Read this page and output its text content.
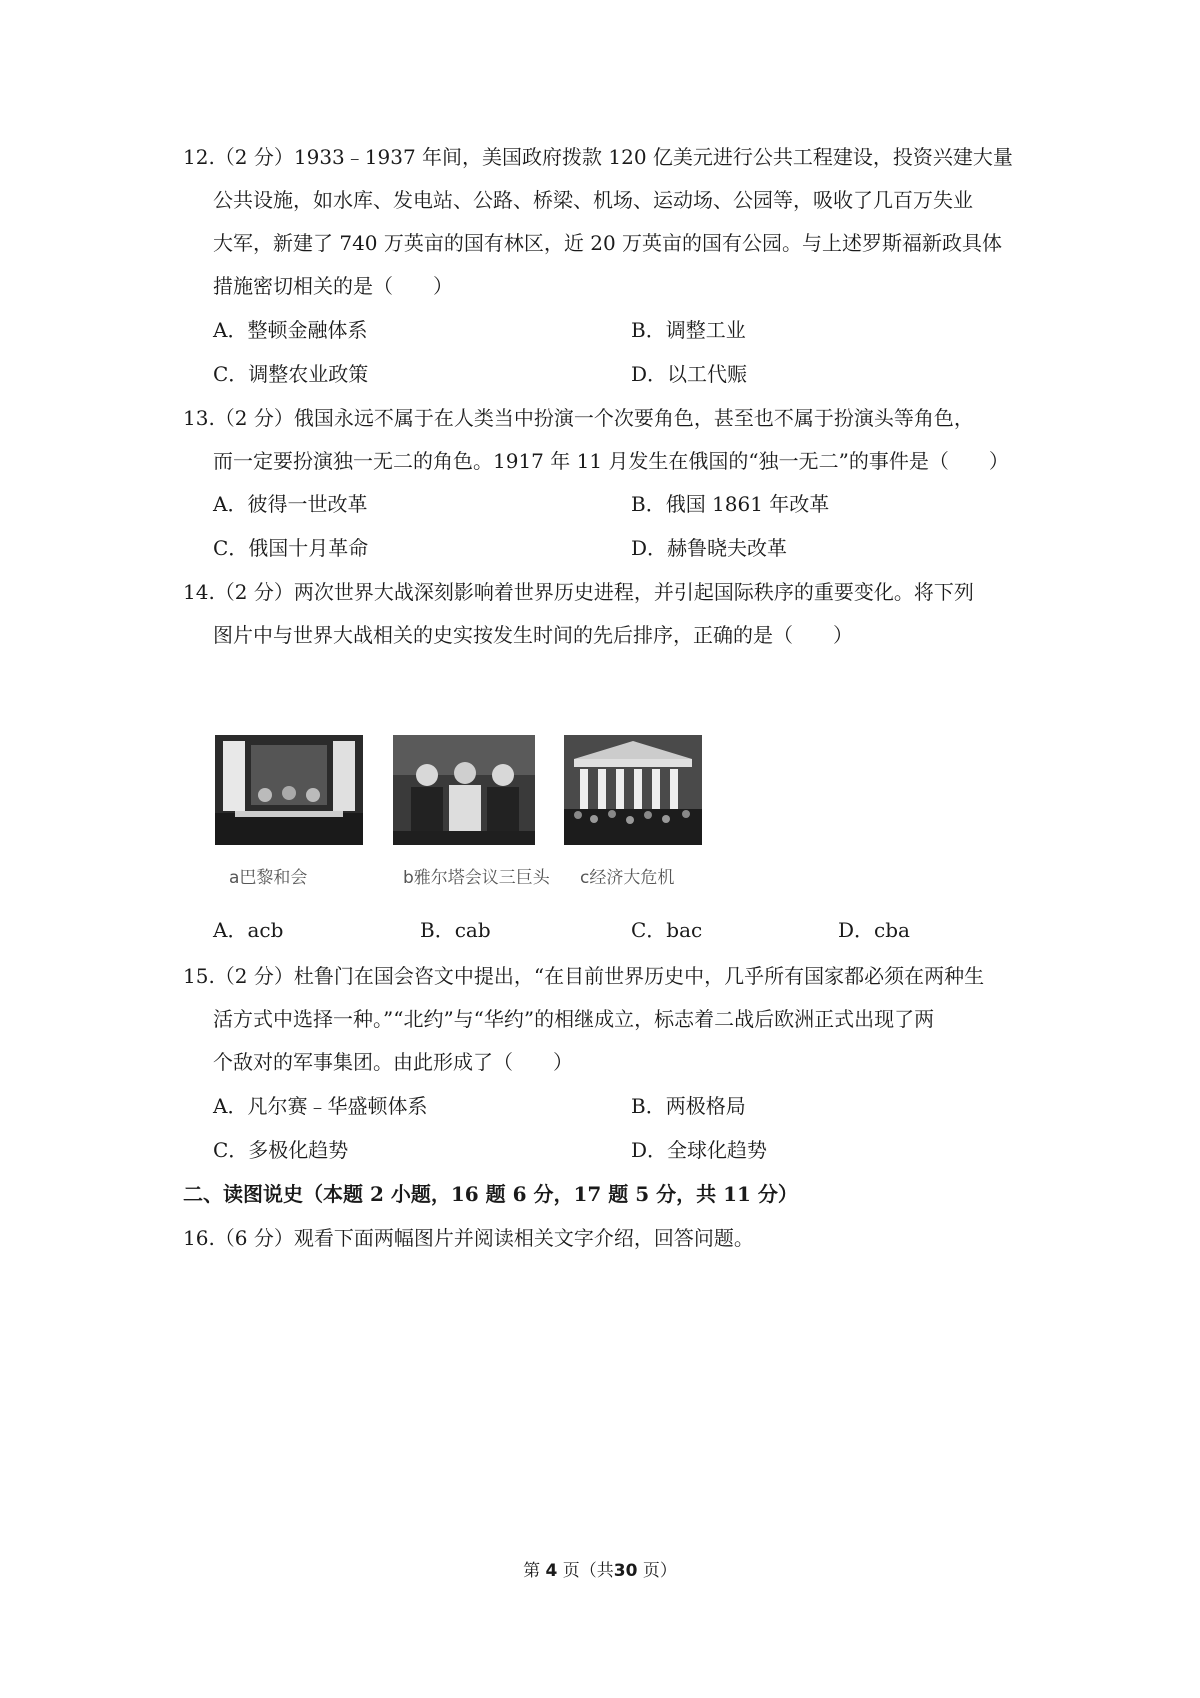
12.（2 分）1933﹣1937 年间，美国政府拨款 120 亿美元进行公共工程建设，投资兴建大量
公共设施，如水库、发电站、公路、桥梁、机场、运动场、公园等，吸收了几百万失业
大军，新建了 740 万英亩的国有林区，近 20 万英亩的国有公园。与上述罗斯福新政具体
措施密切相关的是（　　）
A．整顿金融体系	B．调整工业
C．调整农业政策	D．以工代赈
13.（2 分）俄国永远不属于在人类当中扮演一个次要角色，甚至也不属于扮演头等角色，
而一定要扮演独一无二的角色。1917 年 11 月发生在俄国的“独一无二”的事件是（　　）
A．彼得一世改革	B．俄国 1861 年改革
C．俄国十月革命	D．赫鲁晓夫改革
14.（2 分）两次世界大战深刻影响着世界历史进程，并引起国际秩序的重要变化。将下列
图片中与世界大战相关的史实按发生时间的先后排序，正确的是（　　）
a巴黎和会	b雅尔塔会议三巨头 c经济大危机
A．acb	B．cab	C．bac	D．cba
15.（2 分）杜鲁门在国会咨文中提出，“在目前世界历史中，几乎所有国家都必须在两种生
活方式中选择一种。”“北约”与“华约”的相继成立，标志着二战后欧洲正式出现了两
个敌对的军事集团。由此形成了（　　）
A．凡尔赛﹣华盛顿体系	B．两极格局
C．多极化趋势	D．全球化趋势
二、读图说史（本题 2 小题，16 题 6 分，17 题 5 分，共 11 分）
16.（6 分）观看下面两幅图片并阅读相关文字介绍，回答问题。
第 4 页（共30 页）
